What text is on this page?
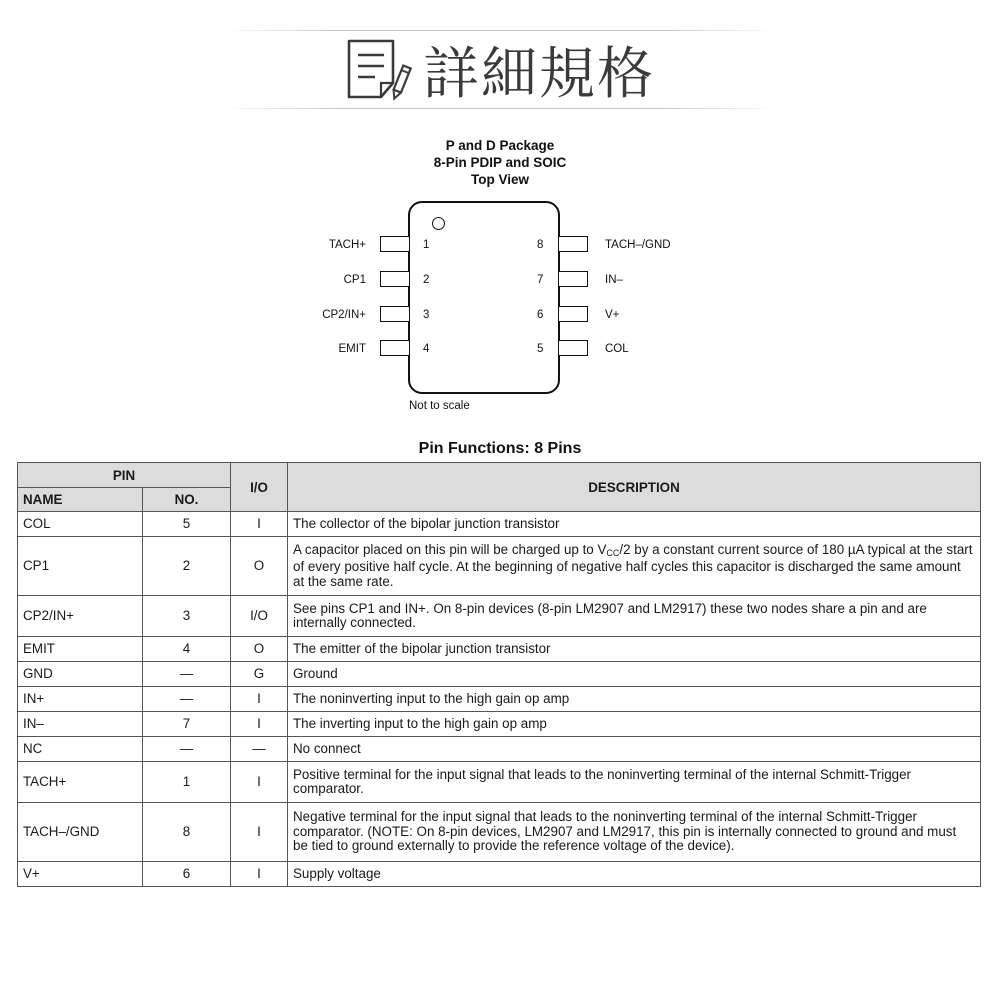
詳細規格
P and D Package
8-Pin PDIP and SOIC
Top View
1
2
3
4
TACH+
CP1
CP2/IN+
EMIT
8
7
6
5
TACH–/GND
IN–
V+
COL
Not to scale
Pin Functions: 8 Pins
PIN		I/O	DESCRIPTION
NAME	NO.		
COL	5	I	The collector of the bipolar junction transistor
CP1	2	O	A capacitor placed on this pin will be charged up to $V_{CC}/2$ by a constant current source of 180 µA typical at the start of every positive half cycle. At the beginning of negative half cycles this capacitor is discharged the same amount at the same rate.
CP2/IN+	3	I/O	See pins CP1 and IN+. On 8-pin devices (8-pin LM2907 and LM2917) these two nodes share a pin and are internally connected.
EMIT	4	O	The emitter of the bipolar junction transistor
GND	—	G	Ground
IN+	—	I	The noninverting input to the high gain op amp
IN–	7	I	The inverting input to the high gain op amp
NC	—	—	No connect
TACH+	1	I	Positive terminal for the input signal that leads to the noninverting terminal of the internal Schmitt-Trigger comparator.
TACH–/GND	8	I	Negative terminal for the input signal that leads to the noninverting terminal of the internal Schmitt-Trigger comparator. (NOTE: On 8-pin devices, LM2907 and LM2917, this pin is internally connected to ground and must be tied to ground externally to provide the reference voltage of the device).
V+	6	I	Supply voltage
